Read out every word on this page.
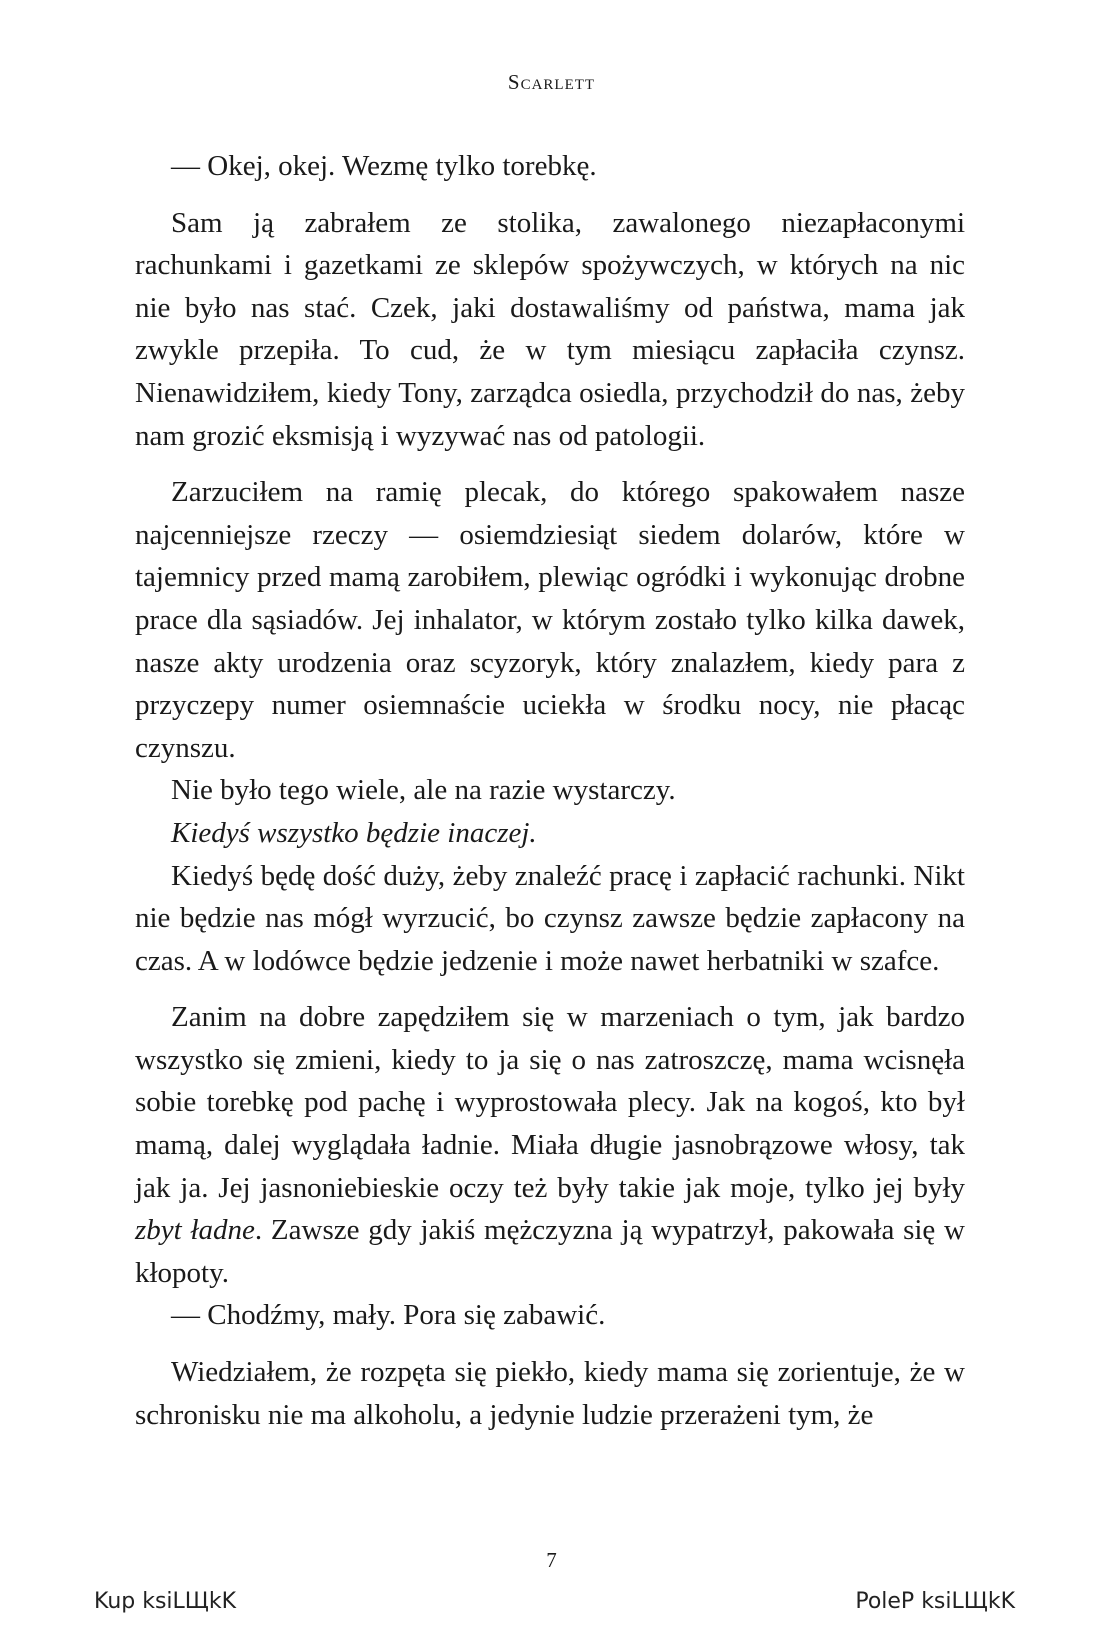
Scarlett

— Okej, okej. Wezmę tylko torebkę.

Sam ją zabrałem ze stolika, zawalonego niezapłaconymi rachunkami i gazetkami ze sklepów spożywczych, w których na nic nie było nas stać. Czek, jaki dostawaliśmy od państwa, mama jak zwykle przepiła. To cud, że w tym miesiącu zapłaciła czynsz. Nienawidziłem, kiedy Tony, zarządca osiedla, przychodził do nas, żeby nam grozić eksmisją i wyzywać nas od patologii.

Zarzuciłem na ramię plecak, do którego spakowałem nasze najcenniejsze rzeczy — osiemdziesiąt siedem dolarów, które w tajemnicy przed mamą zarobiłem, plewiąc ogródki i wykonując drobne prace dla sąsiadów. Jej inhalator, w którym zostało tylko kilka dawek, nasze akty urodzenia oraz scyzoryk, który znalazłem, kiedy para z przyczepy numer osiemnaście uciekła w środku nocy, nie płacąc czynszu.

Nie było tego wiele, ale na razie wystarczy.

Kiedyś wszystko będzie inaczej.

Kiedyś będę dość duży, żeby znaleźć pracę i zapłacić rachunki. Nikt nie będzie nas mógł wyrzucić, bo czynsz zawsze będzie zapłacony na czas. A w lodówce będzie jedzenie i może nawet herbatniki w szafce.

Zanim na dobre zapędziłem się w marzeniach o tym, jak bardzo wszystko się zmieni, kiedy to ja się o nas zatroszczę, mama wcisnęła sobie torebkę pod pachę i wyprostowała plecy. Jak na kogoś, kto był mamą, dalej wyglądała ładnie. Miała długie jasnobrązowe włosy, tak jak ja. Jej jasnoniebieskie oczy też były takie jak moje, tylko jej były zbyt ładne. Zawsze gdy jakiś mężczyzna ją wypatrzył, pakowała się w kłopoty.

— Chodźmy, mały. Pora się zabawić.

Wiedziałem, że rozpęta się piekło, kiedy mama się zorientuje, że w schronisku nie ma alkoholu, a jedynie ludzie przerażeni tym, że

7
Kup ksiLЩkK	PoleP ksiLЩkK
